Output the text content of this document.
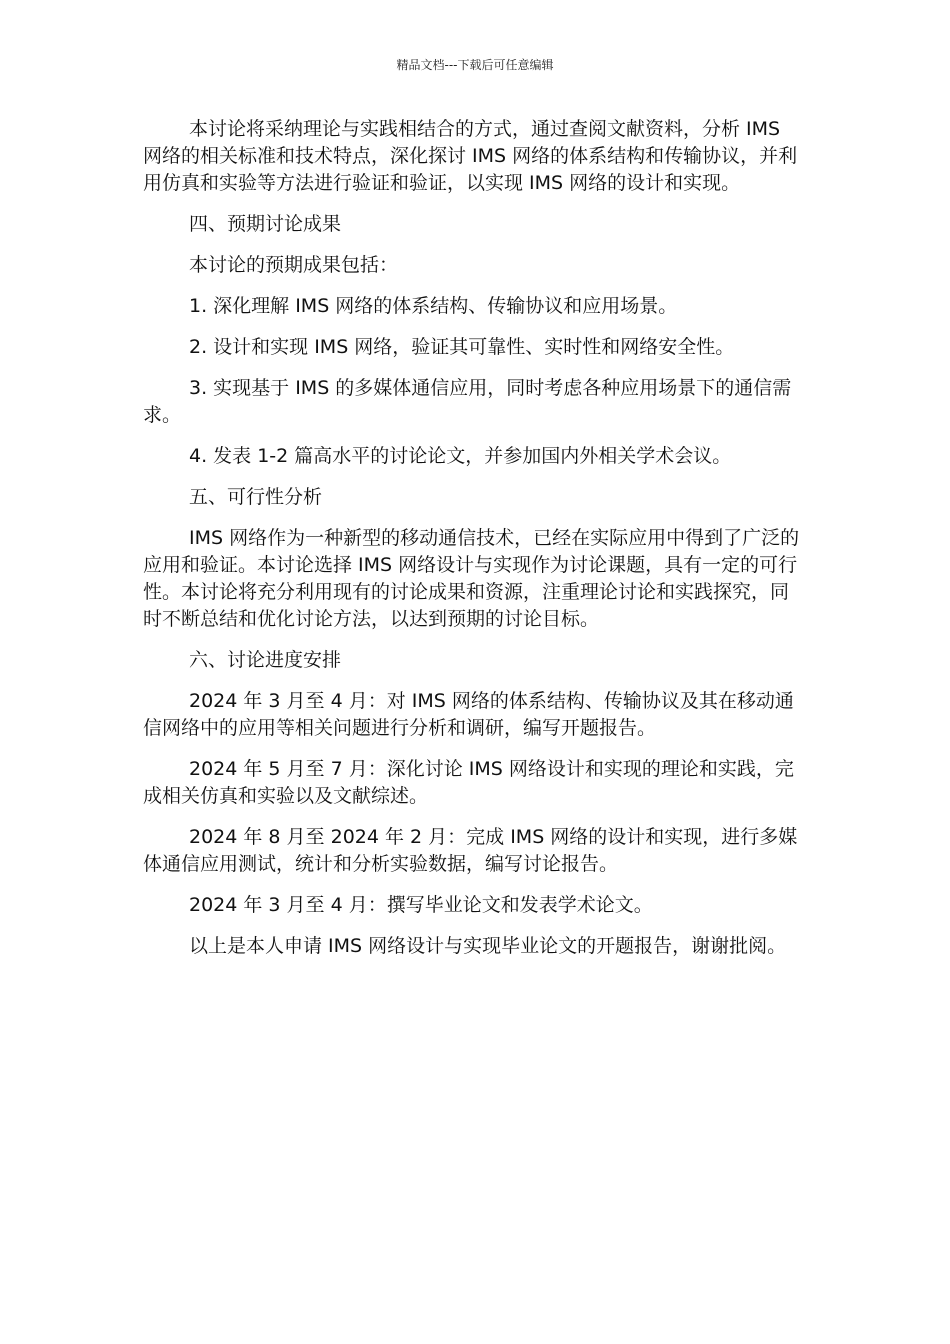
精品文档---下载后可任意编辑

本讨论将采纳理论与实践相结合的方式，通过查阅文献资料，分析 IMS 网络的相关标准和技术特点，深化探讨 IMS 网络的体系结构和传输协议，并利用仿真和实验等方法进行验证和验证，以实现 IMS 网络的设计和实现。

四、预期讨论成果

本讨论的预期成果包括：

1. 深化理解 IMS 网络的体系结构、传输协议和应用场景。

2. 设计和实现 IMS 网络，验证其可靠性、实时性和网络安全性。

3. 实现基于 IMS 的多媒体通信应用，同时考虑各种应用场景下的通信需求。

4. 发表 1-2 篇高水平的讨论论文，并参加国内外相关学术会议。

五、可行性分析

IMS 网络作为一种新型的移动通信技术，已经在实际应用中得到了广泛的应用和验证。本讨论选择 IMS 网络设计与实现作为讨论课题，具有一定的可行性。本讨论将充分利用现有的讨论成果和资源，注重理论讨论和实践探究，同时不断总结和优化讨论方法，以达到预期的讨论目标。

六、讨论进度安排

2024 年 3 月至 4 月：对 IMS 网络的体系结构、传输协议及其在移动通信网络中的应用等相关问题进行分析和调研，编写开题报告。

2024 年 5 月至 7 月：深化讨论 IMS 网络设计和实现的理论和实践，完成相关仿真和实验以及文献综述。

2024 年 8 月至 2024 年 2 月：完成 IMS 网络的设计和实现，进行多媒体通信应用测试，统计和分析实验数据，编写讨论报告。

2024 年 3 月至 4 月：撰写毕业论文和发表学术论文。

以上是本人申请 IMS 网络设计与实现毕业论文的开题报告，谢谢批阅。
